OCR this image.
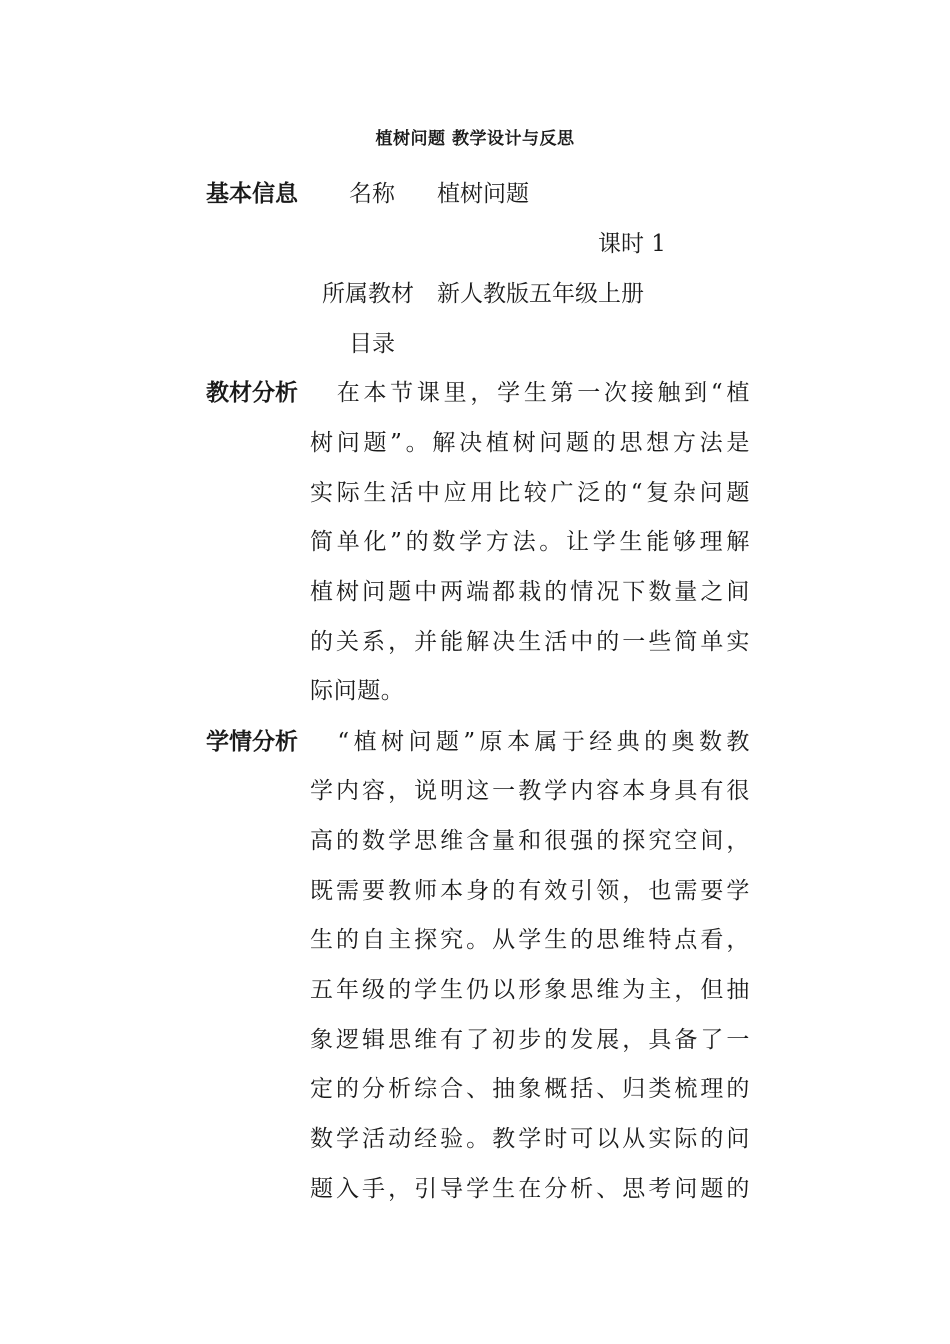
植树问题 教学设计与反思
基本信息 名称 植树问题
课时 1
所属教材 新人教版五年级上册
目录
教材分析 　在本节课里，学生第一次接触到“植
树问题”。解决植树问题的思想方法是
实际生活中应用比较广泛的“复杂问题
简单化”的数学方法。让学生能够理解
植树问题中两端都栽的情况下数量之间
的关系，并能解决生活中的一些简单实
际问题。
学情分析 　“植树问题”原本属于经典的奥数教
学内容，说明这一教学内容本身具有很
高的数学思维含量和很强的探究空间，
既需要教师本身的有效引领，也需要学
生的自主探究。从学生的思维特点看，
五年级的学生仍以形象思维为主，但抽
象逻辑思维有了初步的发展，具备了一
定的分析综合、抽象概括、归类梳理的
数学活动经验。教学时可以从实际的问
题入手，引导学生在分析、思考问题的
